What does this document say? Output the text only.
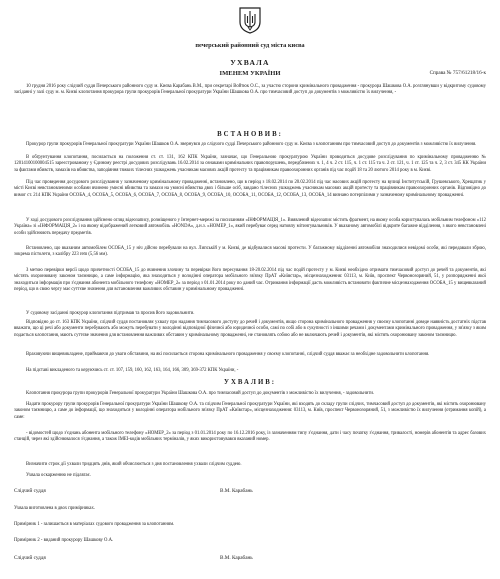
печерський районний суд міста києва
УХВАЛА
ІМЕНЕМ УКРАЇНИ	Справа № 757/61218/16-к
10 грудня 2016 року слідчий суддя Печерського районного суду м. Києва Карабань В.М., при секретарі Войтюк О.С., за участю сторони кримінального провадження - прокурора Шашкова О.А. розглянувши у відкритому судовому засіданні у залі суду м. м. Києві клопотання прокурора групи прокурорів Генеральної прокуратури України Шашкова О.А. про тимчасовий доступ до документів з можливістю їх вилучення, -
ВСТАНОВИВ:
Прокурор групи прокурорів Генеральної прокуратури України Шашков О.А. звернувся до слідчого судді Печерського районного суду м. Києва з клопотанням про тимчасовий доступ до документів з можливістю їх вилучення.
В обґрунтування клопотання, посилається на положення ст. ст. 131, 162 КПК України, зазначає, що Генеральною прокуратурою України проводиться досудове розслідування по кримінальному провадженню № 12014100100004515 зареєстрованому у Єдиному реєстрі досудових розслідувань 16.02.2014 за ознаками кримінальних правопорушень, передбачених ч. 1, 4 ч. 2 ст. 115, ч. 1 ст. 115 та ч. 2 ст. 121, ч. 1 ст. 125 та ч. 2, 3 ст. 345 КК України за фактами вбивств, замахів на вбивства, заподіяння тяжких тілесних ушкоджень учасникам масових акцій протесту та працівникам правоохоронних органів під час подій 18 та 20 лютого 2014 року в м. Києві.
Під час проведення досудового розслідування у зазначеному кримінальному провадженні, встановлено, що в період з 18.02.2014 по 20.02.2014 під час масових акцій протесту на вулиці Інститутській, Грушевського, Хрещатик у місті Києві невстановленими особами вчинено умисні вбивства та замахи на умисні вбивства двох і більше осіб, завдано тілесних ушкоджень учасникам масових акцій протесту та працівникам правоохоронних органів. Відповідно до вимог ст. 214 КПК України ОСОБА_4, ОСОБА_5, ОСОБА_6, ОСОБА_7, ОСОБА_8, ОСОБА_9, ОСОБА_10, ОСОБА_11, ОСОБА_12, ОСОБА_13, ОСОБА_14 визнано потерпілими у зазначеному кримінальному провадженні.
У ході досудового розслідування здійснено огляд відеозапису, розміщеного у Інтернет-мережі за посиланням «ІНФОРМАЦІЯ_1». Виявлений відеозапис містить фрагмент, на якому особа користувалась мобільним телефоном «112 Україна» зі «ІНФОРМАЦІЯ_2» і на якому відображений легковий автомобіль «HONDA», д.н.з. «НОМЕР_1», який перебуває серед натовпу мітингувальників. У вказаному автомобілі відкрите багажне відділення, з якого невстановлені особи здійснюють передачу предметів.
Встановлено, що вказаним автомобілем ОСОБА_15 у ніч дійсно перебували на вул. Липській у м. Києві, де відбувалися масові протести. У багажному відділенні автомобіля знаходилися невідомі особи, які передавали зброю, зокрема пістолети, з калібру 223 rem (5,56 мм).
З метою перевірки версії щодо причетності ОСОБА_15 до вчинення злочину та перевірки його пересування 18-20.02.2014 під час подій протесту у м. Києві необхідно отримати тимчасовий доступ до речей та документів, які містять охоронювану законом таємницю, а саме інформацію, яка знаходиться у володінні оператора мобільного зв'язку ПрАТ «Київстар», місцезнаходження: 03113, м. Київ, проспект Червонозоряний, 51, у розпорядженні якої знаходиться інформація про з'єднання абонента мобільного телефону «НОМЕР_2» за період з 01.01.2014 року по даний час. Отримання інформації дасть можливість встановити фактичне місцезнаходження ОСОБА_15 у вищевказаний період, що в свою чергу має суттєве значення для встановлення важливих обставин у кримінальному провадженні.
У судовому засіданні прокурор клопотання підтримав та просив його задовольнити.
Відповідно до ст. 163 КПК України, слідчий суддя постановляє ухвалу про надання тимчасового доступу до речей і документів, якщо сторона кримінального провадження у своєму клопотанні доведе наявність достатніх підстав вважати, що ці речі або документи перебувають або можуть перебувати у володінні відповідної фізичної або юридичної особи, самі по собі або в сукупності з іншими речами і документами кримінального провадження, у зв'язку з яким подається клопотання, мають суттєве значення для встановлення важливих обставин у кримінальному провадженні, не становлять собою або не включають речей і документів, які містять охоронювану законом таємницю.
Враховуючи вищевикладене, приймаючи до уваги обставини, на які посилається сторона кримінального провадження у своєму клопотанні, слідчий суддя вважає за необхідне задовольнити клопотання.
На підставі викладеного та керуючись ст. ст. 107, 159, 160, 162, 163, 164, 166, 309, 369-372 КПК України, -
УХВАЛИВ:
Клопотання прокурора групи прокурорів Генеральної прокуратури України Шашкова О.А. про тимчасовий доступ до документів з можливістю їх вилучення, - задовольнити.
Надати прокурору групи прокурорів Генеральної прокуратури України Шашкову О.А. та слідчим Генеральної прокуратури України, які входять до складу групи слідчих, тимчасовий доступ до документів, які містять охоронювану законом таємницю, а саме до інформації, що знаходиться у володінні оператора мобільного зв'язку ПрАТ «Київстар», місцезнаходження: 03113, м. Київ, проспект Червонозоряний, 51, з можливістю їх вилучення (отримання копій), а саме:
- відомостей щодо з'єднань абонента мобільного телефону «НОМЕР_2» за період з 01.01.2014 року по 16.12.2016 року, із зазначенням типу з'єднання, дати і часу початку з'єднання, тривалості, номерів абонентів та адрес базових станцій, через які здійснювалося з'єднання, а також IMEI-кодів мобільних терміналів, у яких використовувався вказаний номер.
Визначити строк дії ухвали тридцять днів, який обчислюється з дня постановлення ухвали слідчим суддею.
Ухвала оскарженню не підлягає.
Слідчий суддя	В.М. Карабань
Ухвала виготовлена в двох примірниках.
Примірник 1 - залишається в матеріалах судового провадження за клопотанням.
Примірник 2 - виданий прокурору Шашкову О.А.
Слідчий суддя	В.М. Карабань
